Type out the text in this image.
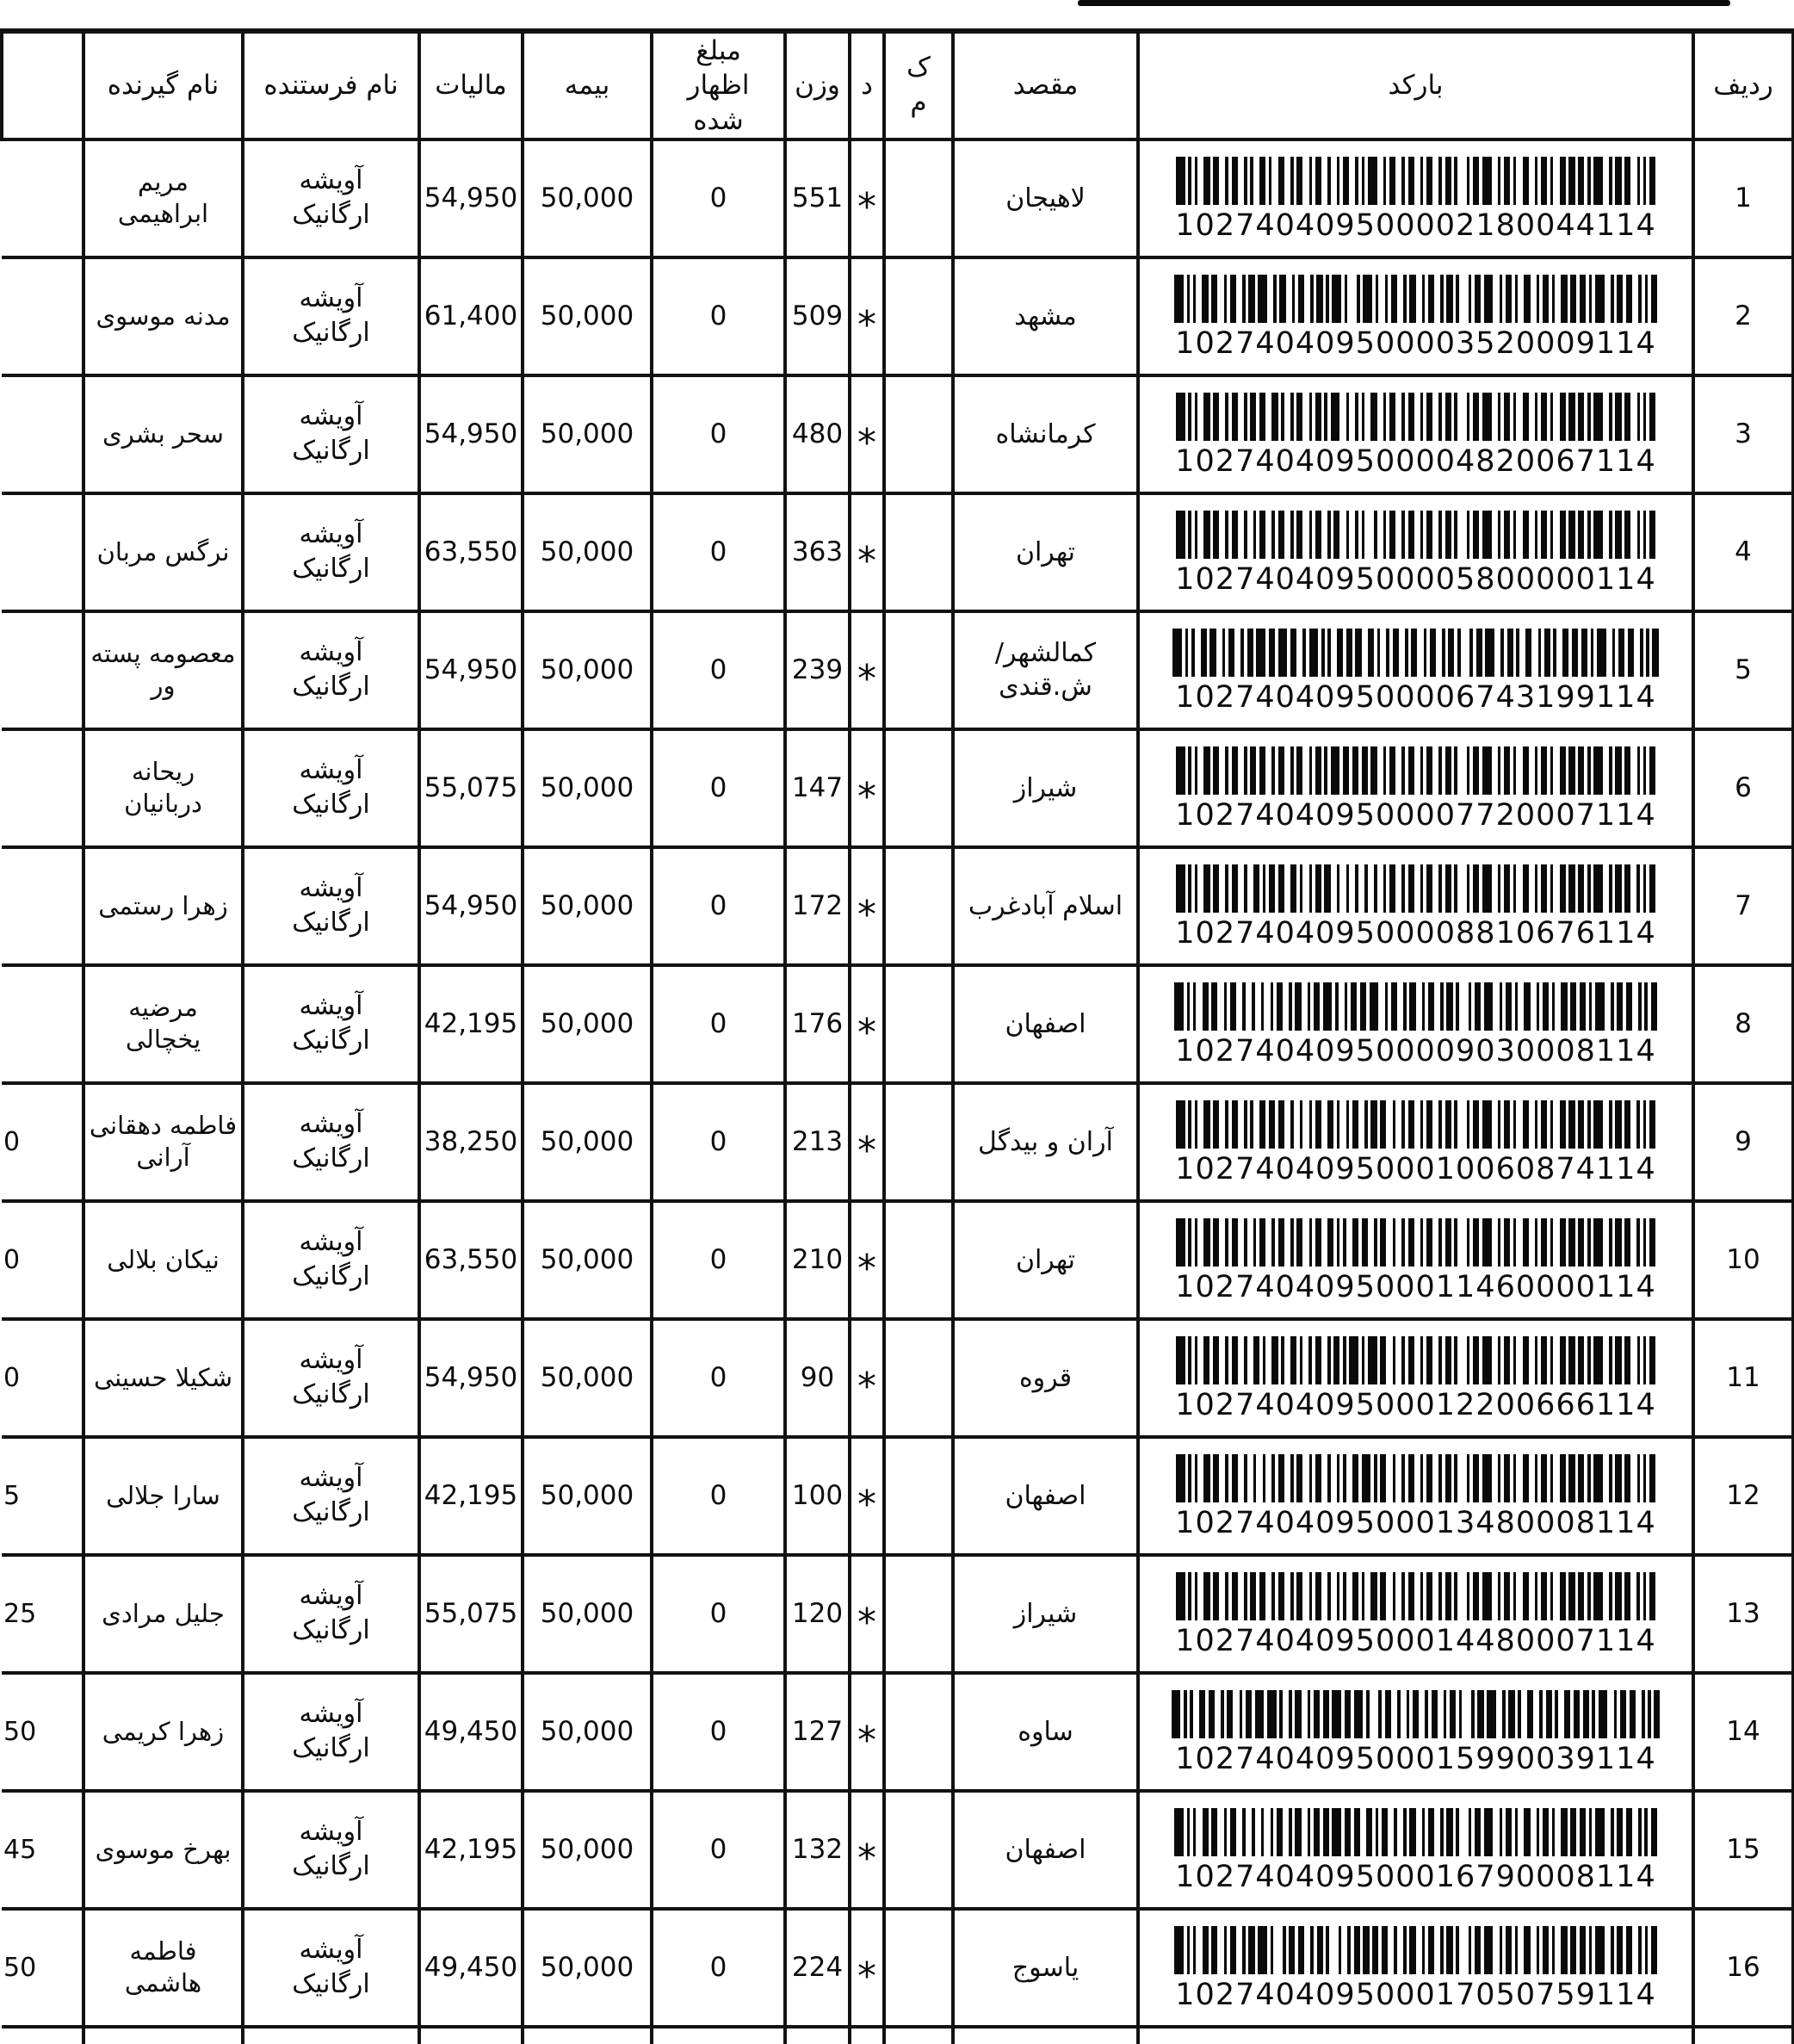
ردیف	بارکد	مقصد	ک م	د	وزن	مبلغ اظهار شده	بیمه	مالیات	نام فرستنده	نام گیرنده	
1	102740409500002180044114	لاهیجان		*	551	0	50,000	54,950	آویشه ارگانیک	مریم ابراهیمی	
2	102740409500003520009114	مشهد		*	509	0	50,000	61,400	آویشه ارگانیک	مدنه موسوی	
3	102740409500004820067114	کرمانشاه		*	480	0	50,000	54,950	آویشه ارگانیک	سحر بشری	
4	102740409500005800000114	تهران		*	363	0	50,000	63,550	آویشه ارگانیک	نرگس مربان	
5	102740409500006743199114	کمالشهر/ ش.قندی		*	239	0	50,000	54,950	آویشه ارگانیک	معصومه پسته ور	
6	102740409500007720007114	شیراز		*	147	0	50,000	55,075	آویشه ارگانیک	ریحانه دربانیان	
7	102740409500008810676114	اسلام آبادغرب		*	172	0	50,000	54,950	آویشه ارگانیک	زهرا رستمی	
8	102740409500009030008114	اصفهان		*	176	0	50,000	42,195	آویشه ارگانیک	مرضیه یخچالی	
9	102740409500010060874114	آران و بیدگل		*	213	0	50,000	38,250	آویشه ارگانیک	فاطمه دهقانی آرانی	0
10	102740409500011460000114	تهران		*	210	0	50,000	63,550	آویشه ارگانیک	نیکان بلالی	0
11	102740409500012200666114	قروه		*	90	0	50,000	54,950	آویشه ارگانیک	شکیلا حسینی	0
12	102740409500013480008114	اصفهان		*	100	0	50,000	42,195	آویشه ارگانیک	سارا جلالی	5
13	102740409500014480007114	شیراز		*	120	0	50,000	55,075	آویشه ارگانیک	جلیل مرادی	25
14	102740409500015990039114	ساوه		*	127	0	50,000	49,450	آویشه ارگانیک	زهرا کریمی	50
15	102740409500016790008114	اصفهان		*	132	0	50,000	42,195	آویشه ارگانیک	بهرخ موسوی	45
16	102740409500017050759114	یاسوج		*	224	0	50,000	49,450	آویشه ارگانیک	فاطمه هاشمی	50
